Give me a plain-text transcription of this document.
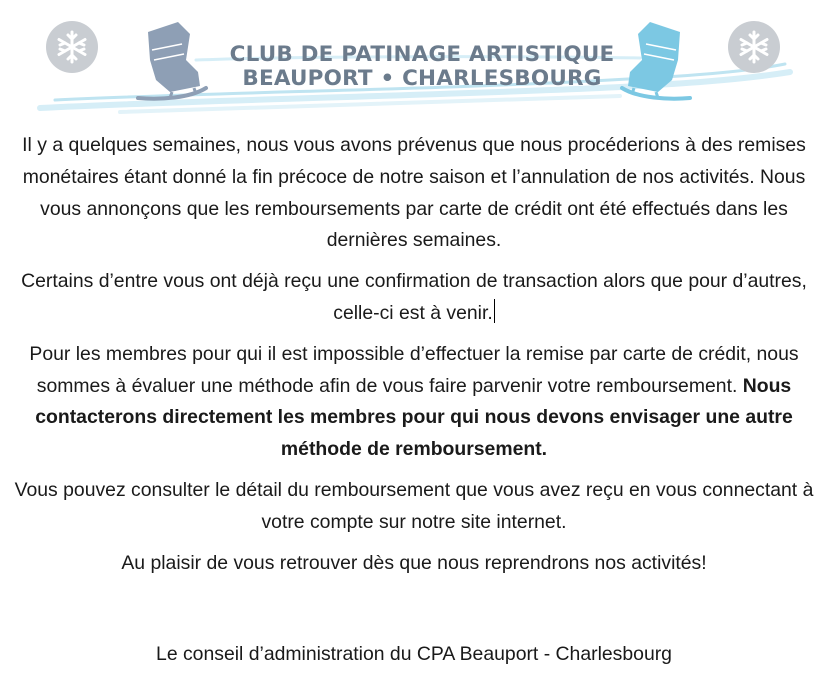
CLUB DE PATINAGE ARTISTIQUE
BEAUPORT • CHARLESBOURG

Il y a quelques semaines, nous vous avons prévenus que nous procéderions à des remises monétaires étant donné la fin précoce de notre saison et l’annulation de nos activités. Nous vous annonçons que les remboursements par carte de crédit ont été effectués dans les dernières semaines.

Certains d’entre vous ont déjà reçu une confirmation de transaction alors que pour d’autres, celle-ci est à venir.

Pour les membres pour qui il est impossible d’effectuer la remise par carte de crédit, nous sommes à évaluer une méthode afin de vous faire parvenir votre remboursement. Nous contacterons directement les membres pour qui nous devons envisager une autre méthode de remboursement.

Vous pouvez consulter le détail du remboursement que vous avez reçu en vous connectant à votre compte sur notre site internet.

Au plaisir de vous retrouver dès que nous reprendrons nos activités!

Le conseil d’administration du CPA Beauport - Charlesbourg
